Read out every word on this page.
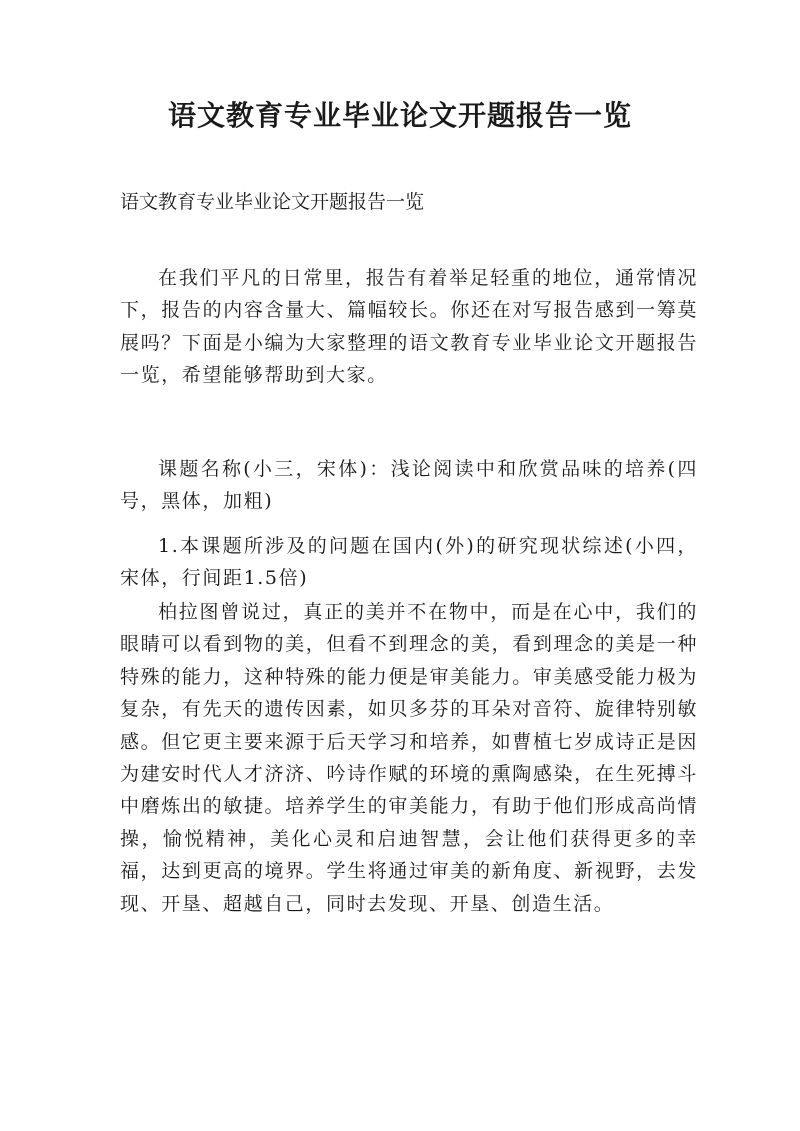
语文教育专业毕业论文开题报告一览

语文教育专业毕业论文开题报告一览

在我们平凡的日常里，报告有着举足轻重的地位，通常情况下，报告的内容含量大、篇幅较长。你还在对写报告感到一筹莫展吗？下面是小编为大家整理的语文教育专业毕业论文开题报告一览，希望能够帮助到大家。

课题名称(小三，宋体)：浅论阅读中和欣赏品味的培养(四号，黑体，加粗)

1.本课题所涉及的问题在国内(外)的研究现状综述(小四，宋体，行间距1.5倍)

柏拉图曾说过，真正的美并不在物中，而是在心中，我们的眼睛可以看到物的美，但看不到理念的美，看到理念的美是一种特殊的能力，这种特殊的能力便是审美能力。审美感受能力极为复杂，有先天的遗传因素，如贝多芬的耳朵对音符、旋律特别敏感。但它更主要来源于后天学习和培养，如曹植七岁成诗正是因为建安时代人才济济、吟诗作赋的环境的熏陶感染，在生死搏斗中磨炼出的敏捷。培养学生的审美能力，有助于他们形成高尚情操，愉悦精神，美化心灵和启迪智慧，会让他们获得更多的幸福，达到更高的境界。学生将通过审美的新角度、新视野，去发现、开垦、超越自己，同时去发现、开垦、创造生活。
